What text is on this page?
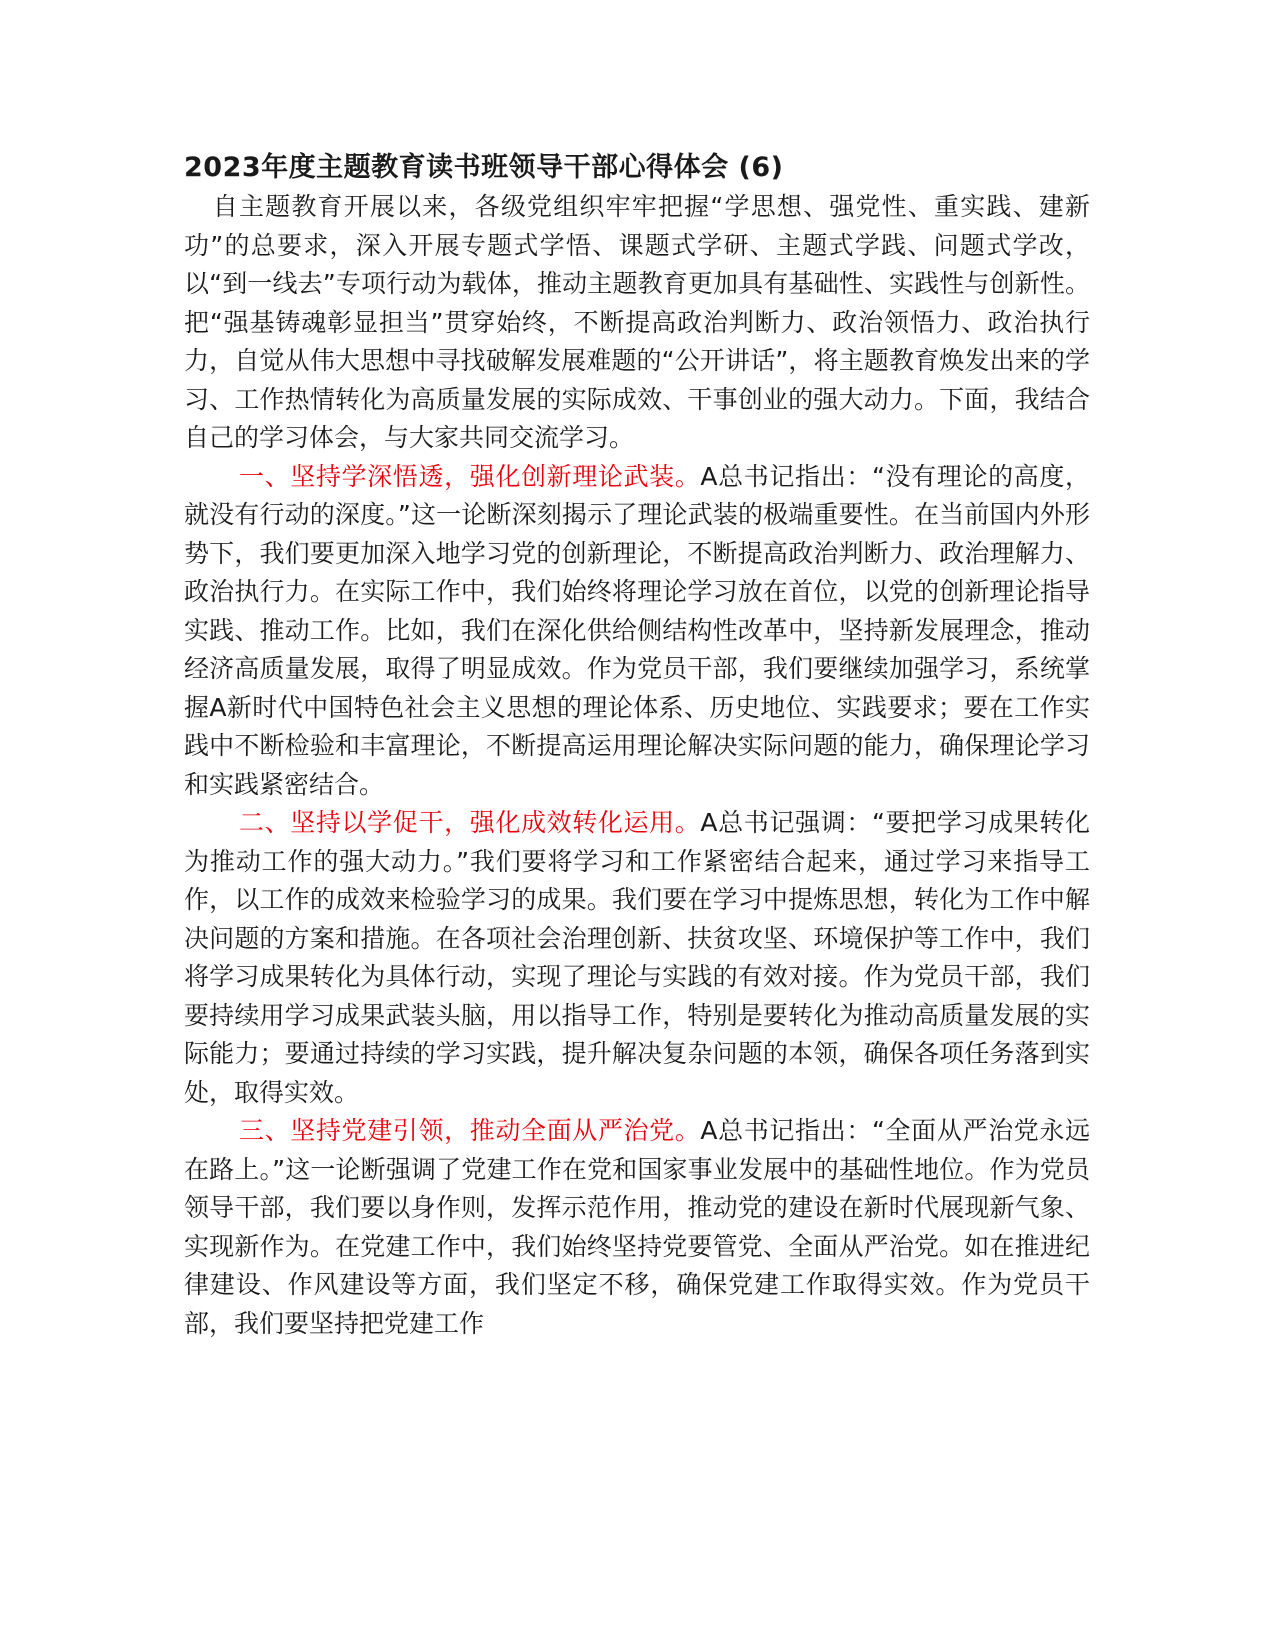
2023年度主题教育读书班领导干部心得体会 (6)

自主题教育开展以来，各级党组织牢牢把握“学思想、强党性、重实践、建新功”的总要求，深入开展专题式学悟、课题式学研、主题式学践、问题式学改，以“到一线去”专项行动为载体，推动主题教育更加具有基础性、实践性与创新性。把“强基铸魂彰显担当”贯穿始终，不断提高政治判断力、政治领悟力、政治执行力，自觉从伟大思想中寻找破解发展难题的“公开讲话”，将主题教育焕发出来的学习、工作热情转化为高质量发展的实际成效、干事创业的强大动力。下面，我结合自己的学习体会，与大家共同交流学习。

一、坚持学深悟透，强化创新理论武装。A总书记指出：“没有理论的高度，就没有行动的深度。”这一论断深刻揭示了理论武装的极端重要性。在当前国内外形势下，我们要更加深入地学习党的创新理论，不断提高政治判断力、政治理解力、政治执行力。在实际工作中，我们始终将理论学习放在首位，以党的创新理论指导实践、推动工作。比如，我们在深化供给侧结构性改革中，坚持新发展理念，推动经济高质量发展，取得了明显成效。作为党员干部，我们要继续加强学习，系统掌握A新时代中国特色社会主义思想的理论体系、历史地位、实践要求；要在工作实践中不断检验和丰富理论，不断提高运用理论解决实际问题的能力，确保理论学习和实践紧密结合。

二、坚持以学促干，强化成效转化运用。A总书记强调：“要把学习成果转化为推动工作的强大动力。”我们要将学习和工作紧密结合起来，通过学习来指导工作，以工作的成效来检验学习的成果。我们要在学习中提炼思想，转化为工作中解决问题的方案和措施。在各项社会治理创新、扶贫攻坚、环境保护等工作中，我们将学习成果转化为具体行动，实现了理论与实践的有效对接。作为党员干部，我们要持续用学习成果武装头脑，用以指导工作，特别是要转化为推动高质量发展的实际能力；要通过持续的学习实践，提升解决复杂问题的本领，确保各项任务落到实处，取得实效。

三、坚持党建引领，推动全面从严治党。A总书记指出：“全面从严治党永远在路上。”这一论断强调了党建工作在党和国家事业发展中的基础性地位。作为党员领导干部，我们要以身作则，发挥示范作用，推动党的建设在新时代展现新气象、实现新作为。在党建工作中，我们始终坚持党要管党、全面从严治党。如在推进纪律建设、作风建设等方面，我们坚定不移，确保党建工作取得实效。作为党员干部，我们要坚持把党建工作
